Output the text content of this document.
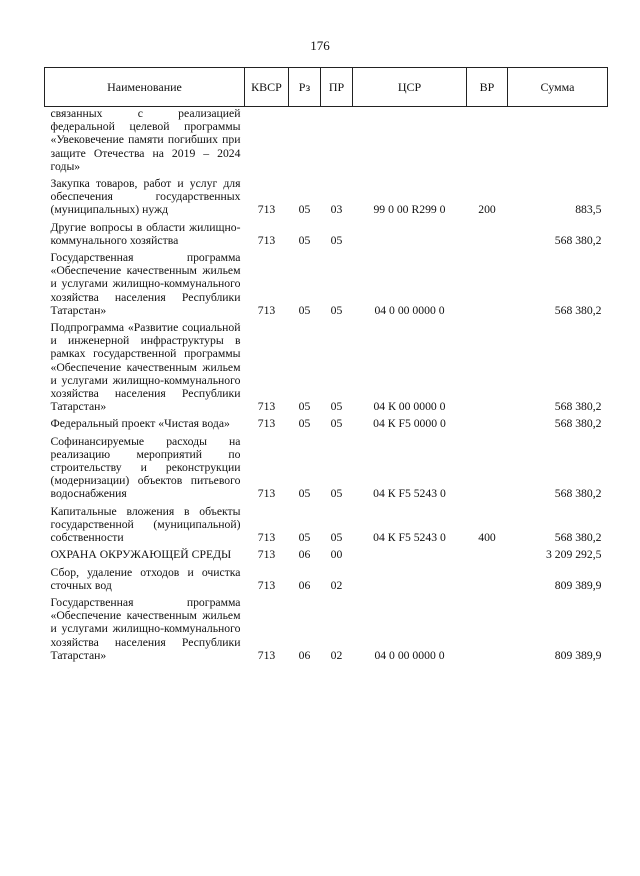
176
Наименование	КВСР	Рз	ПР	ЦСР	ВР	Сумма
связанных с реализацией федеральной целевой программы «Увековечение памяти погибших при защите Отечества на 2019 – 2024 годы»						
Закупка товаров, работ и услуг для обеспечения государственных (муниципальных) нужд	713	05	03	99 0 00 R299 0	200	883,5
Другие вопросы в области жилищно-коммунального хозяйства	713	05	05			568 380,2
Государственная программа «Обеспечение качественным жильем и услугами жилищно-коммунального хозяйства населения Республики Татарстан»	713	05	05	04 0 00 0000 0		568 380,2
Подпрограмма «Развитие социальной и инженерной инфраструктуры в рамках государственной программы «Обеспечение качественным жильем и услугами жилищно-коммунального хозяйства населения Республики Татарстан»	713	05	05	04 К 00 0000 0		568 380,2
Федеральный проект «Чистая вода»	713	05	05	04 К F5 0000 0		568 380,2
Софинансируемые расходы на реализацию мероприятий по строительству и реконструкции (модернизации) объектов питьевого водоснабжения	713	05	05	04 К F5 5243 0		568 380,2
Капитальные вложения в объекты государственной (муниципальной) собственности	713	05	05	04 К F5 5243 0	400	568 380,2
ОХРАНА ОКРУЖАЮЩЕЙ СРЕДЫ	713	06	00			3 209 292,5
Сбор, удаление отходов и очистка сточных вод	713	06	02			809 389,9
Государственная программа «Обеспечение качественным жильем и услугами жилищно-коммунального хозяйства населения Республики Татарстан»	713	06	02	04 0 00 0000 0		809 389,9
